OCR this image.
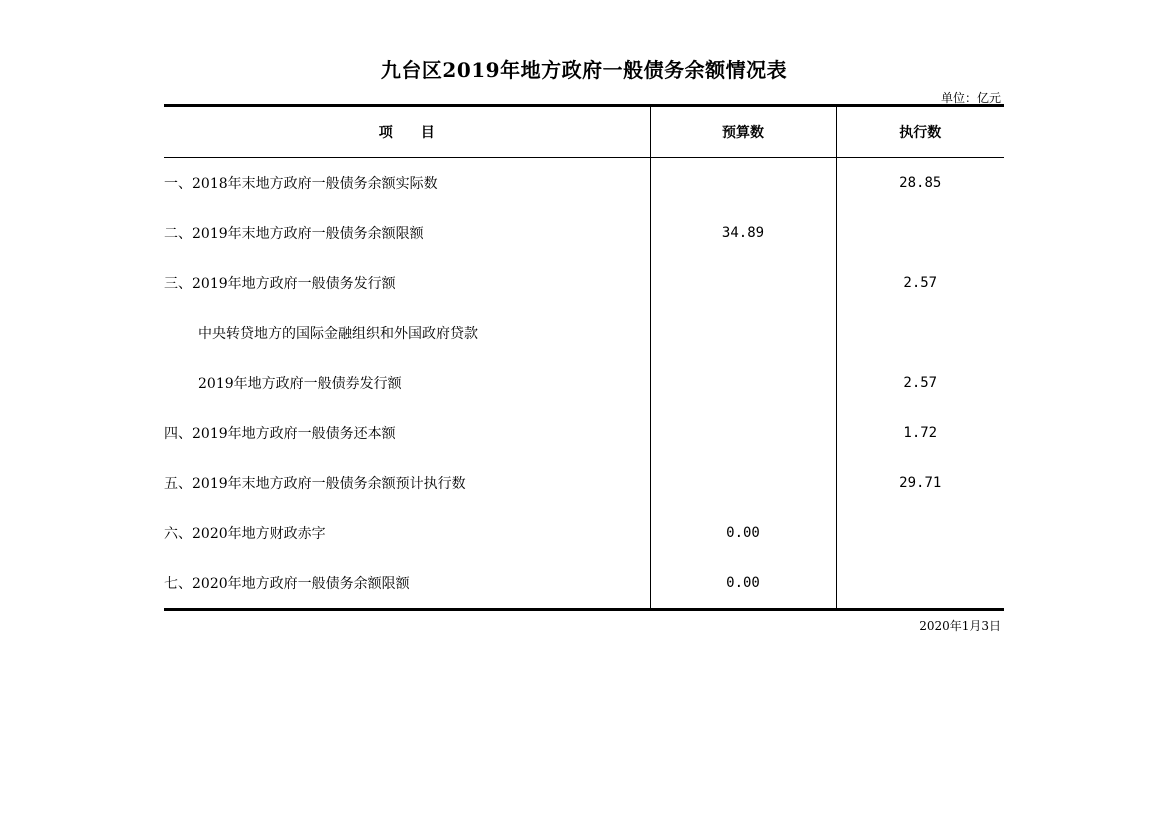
九台区2019年地方政府一般债务余额情况表
单位：亿元
项　　目	预算数	执行数
一、2018年末地方政府一般债务余额实际数		28.85
二、2019年末地方政府一般债务余额限额	34.89	
三、2019年地方政府一般债务发行额		2.57
中央转贷地方的国际金融组织和外国政府贷款		
2019年地方政府一般债券发行额		2.57
四、2019年地方政府一般债务还本额		1.72
五、2019年末地方政府一般债务余额预计执行数		29.71
六、2020年地方财政赤字	0.00	
七、2020年地方政府一般债务余额限额	0.00	
2020年1月3日
